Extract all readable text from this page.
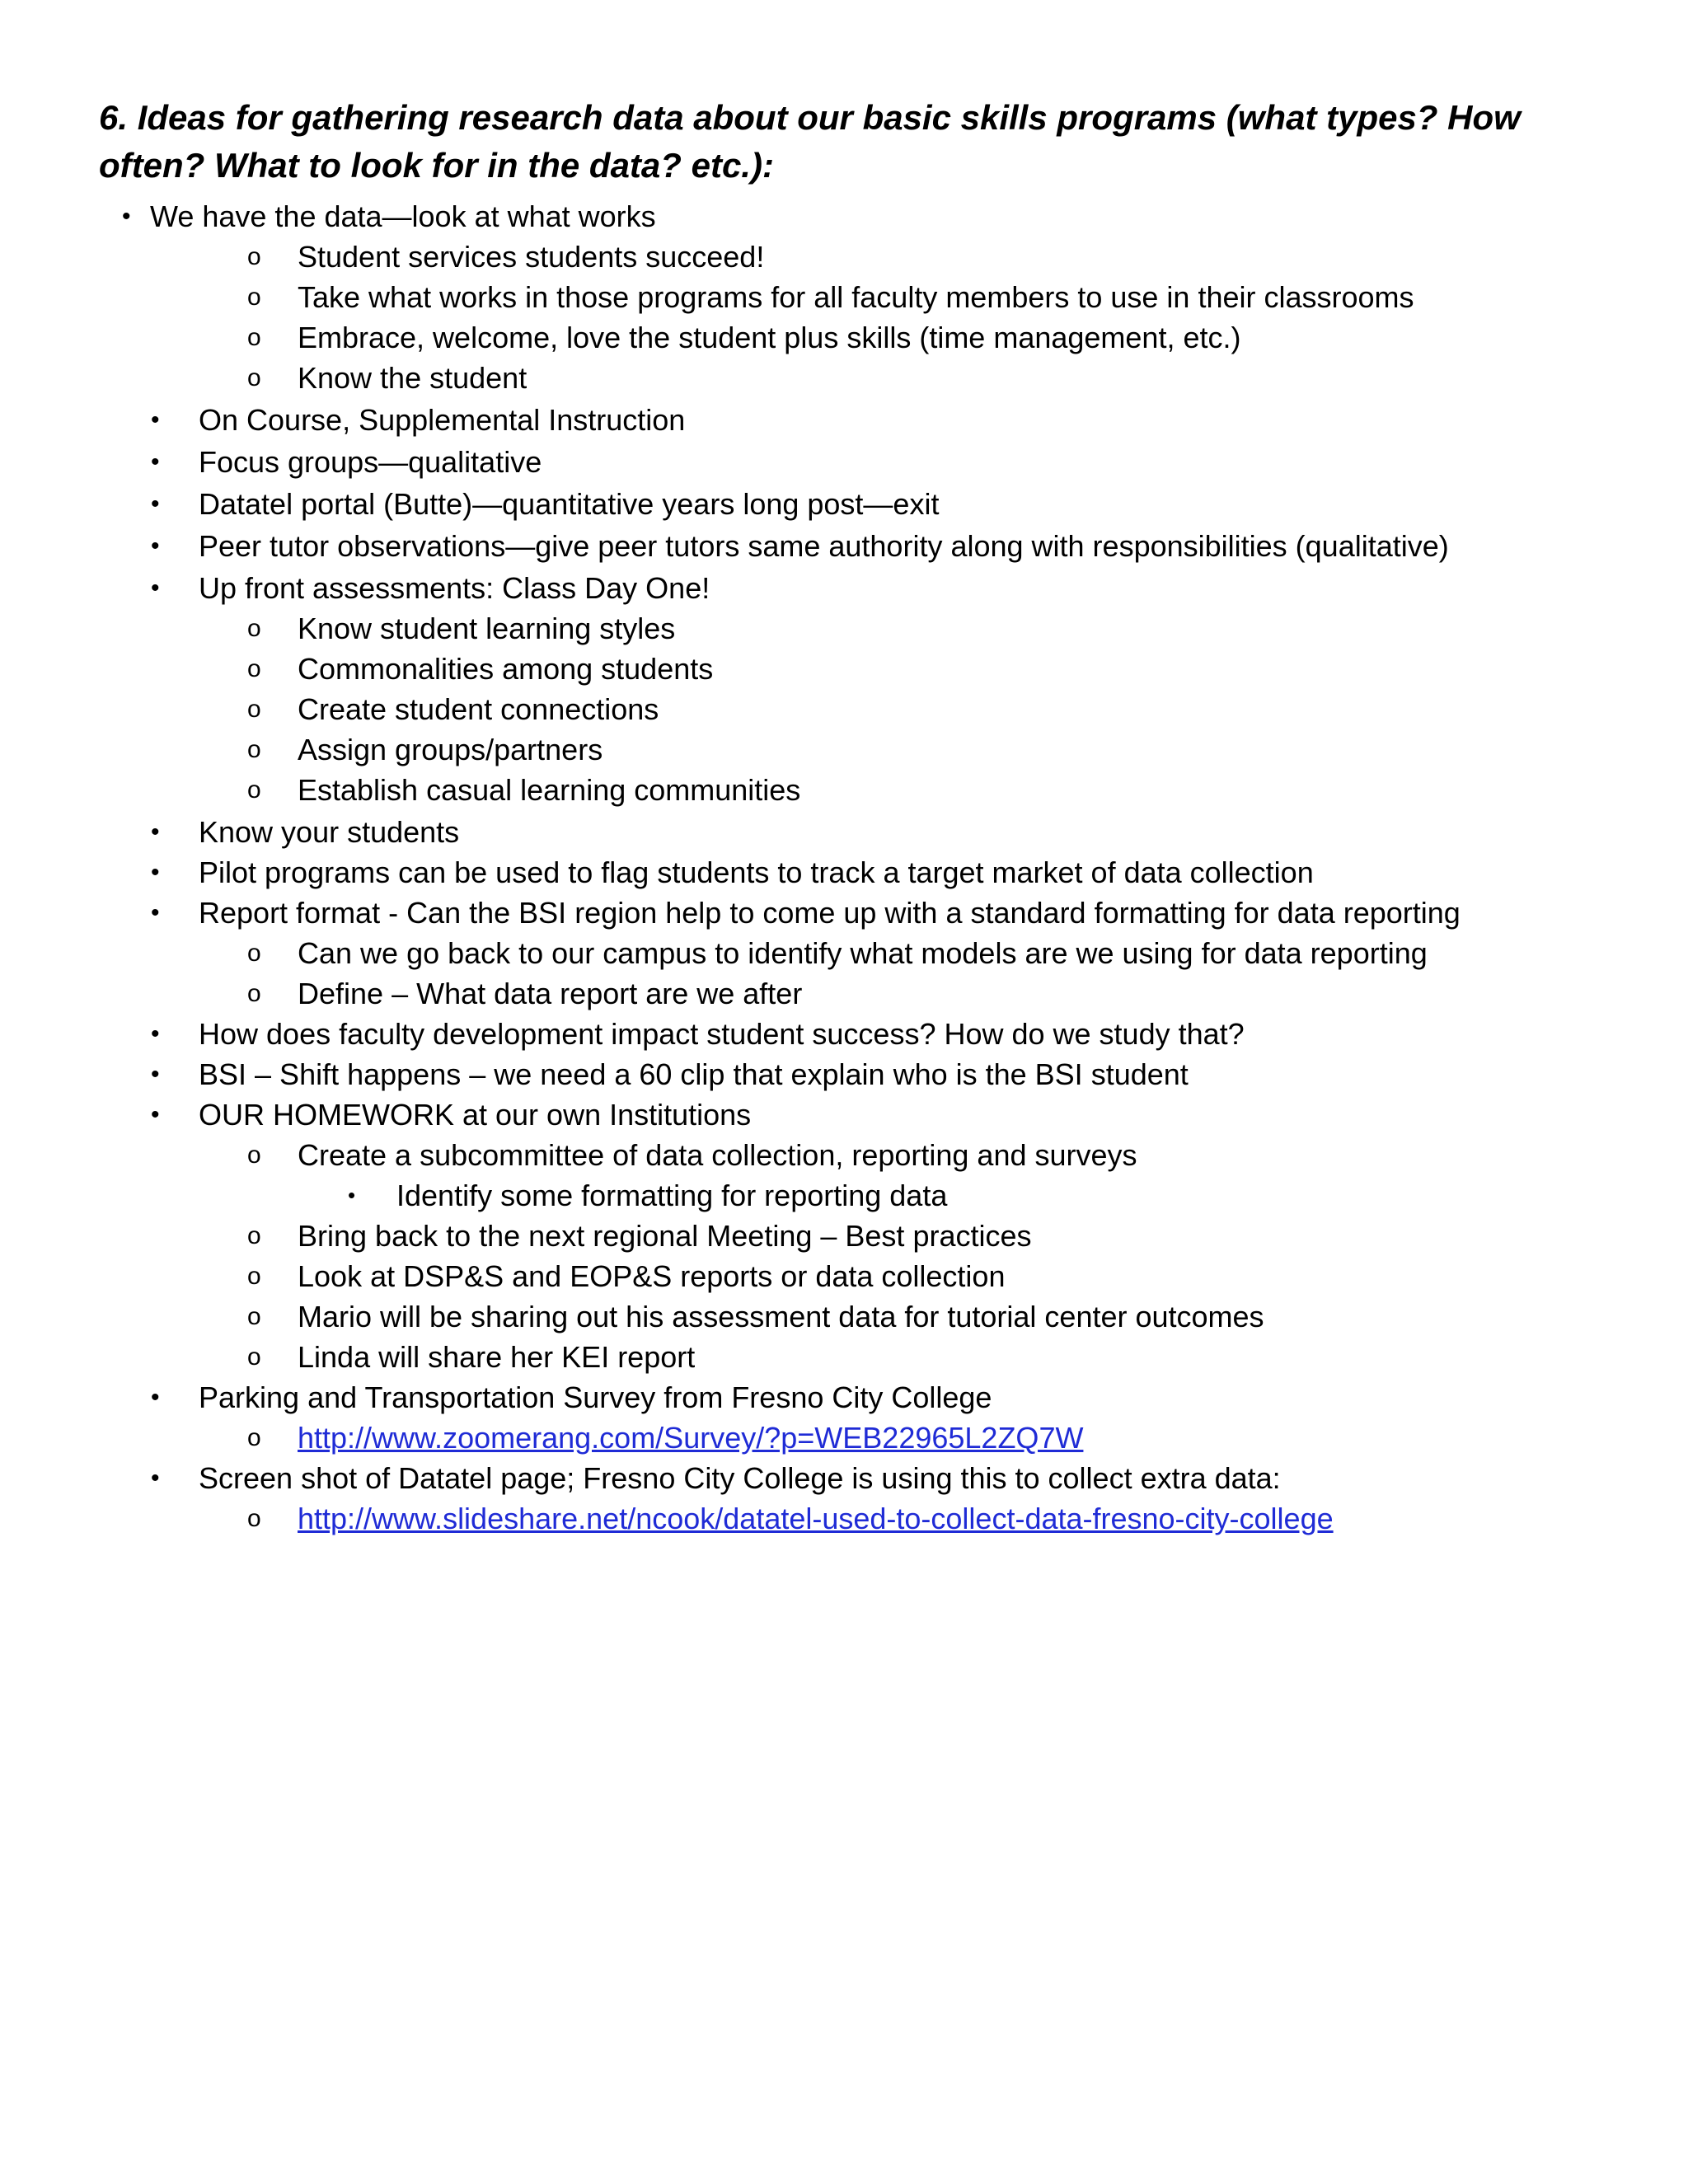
6. Ideas for gathering research data about our basic skills programs (what types? How
often? What to look for in the data? etc.):
• We have the data—look at what works
o Student services students succeed!
o Take what works in those programs for all faculty members to use in their classrooms
o Embrace, welcome, love the student plus skills (time management, etc.)
o Know the student
• On Course, Supplemental Instruction
• Focus groups—qualitative
• Datatel portal (Butte)—quantitative years long post—exit
• Peer tutor observations—give peer tutors same authority along with responsibilities (qualitative)
• Up front assessments: Class Day One!
o Know student learning styles
o Commonalities among students
o Create student connections
o Assign groups/partners
o Establish casual learning communities
• Know your students
• Pilot programs can be used to flag students to track a target market of data collection
• Report format - Can the BSI region help to come up with a standard formatting for data reporting
o Can we go back to our campus to identify what models are we using for data reporting
o Define – What data report are we after
• How does faculty development impact student success? How do we study that?
• BSI – Shift happens – we need a 60 clip that explain who is the BSI student
• OUR HOMEWORK at our own Institutions
o Create a subcommittee of data collection, reporting and surveys
• Identify some formatting for reporting data
o Bring back to the next regional Meeting – Best practices
o Look at DSP&S and EOP&S reports or data collection
o Mario will be sharing out his assessment data for tutorial center outcomes
o Linda will share her KEI report
• Parking and Transportation Survey from Fresno City College
o http://www.zoomerang.com/Survey/?p=WEB22965L2ZQ7W
• Screen shot of Datatel page; Fresno City College is using this to collect extra data:
o http://www.slideshare.net/ncook/datatel-used-to-collect-data-fresno-city-college
